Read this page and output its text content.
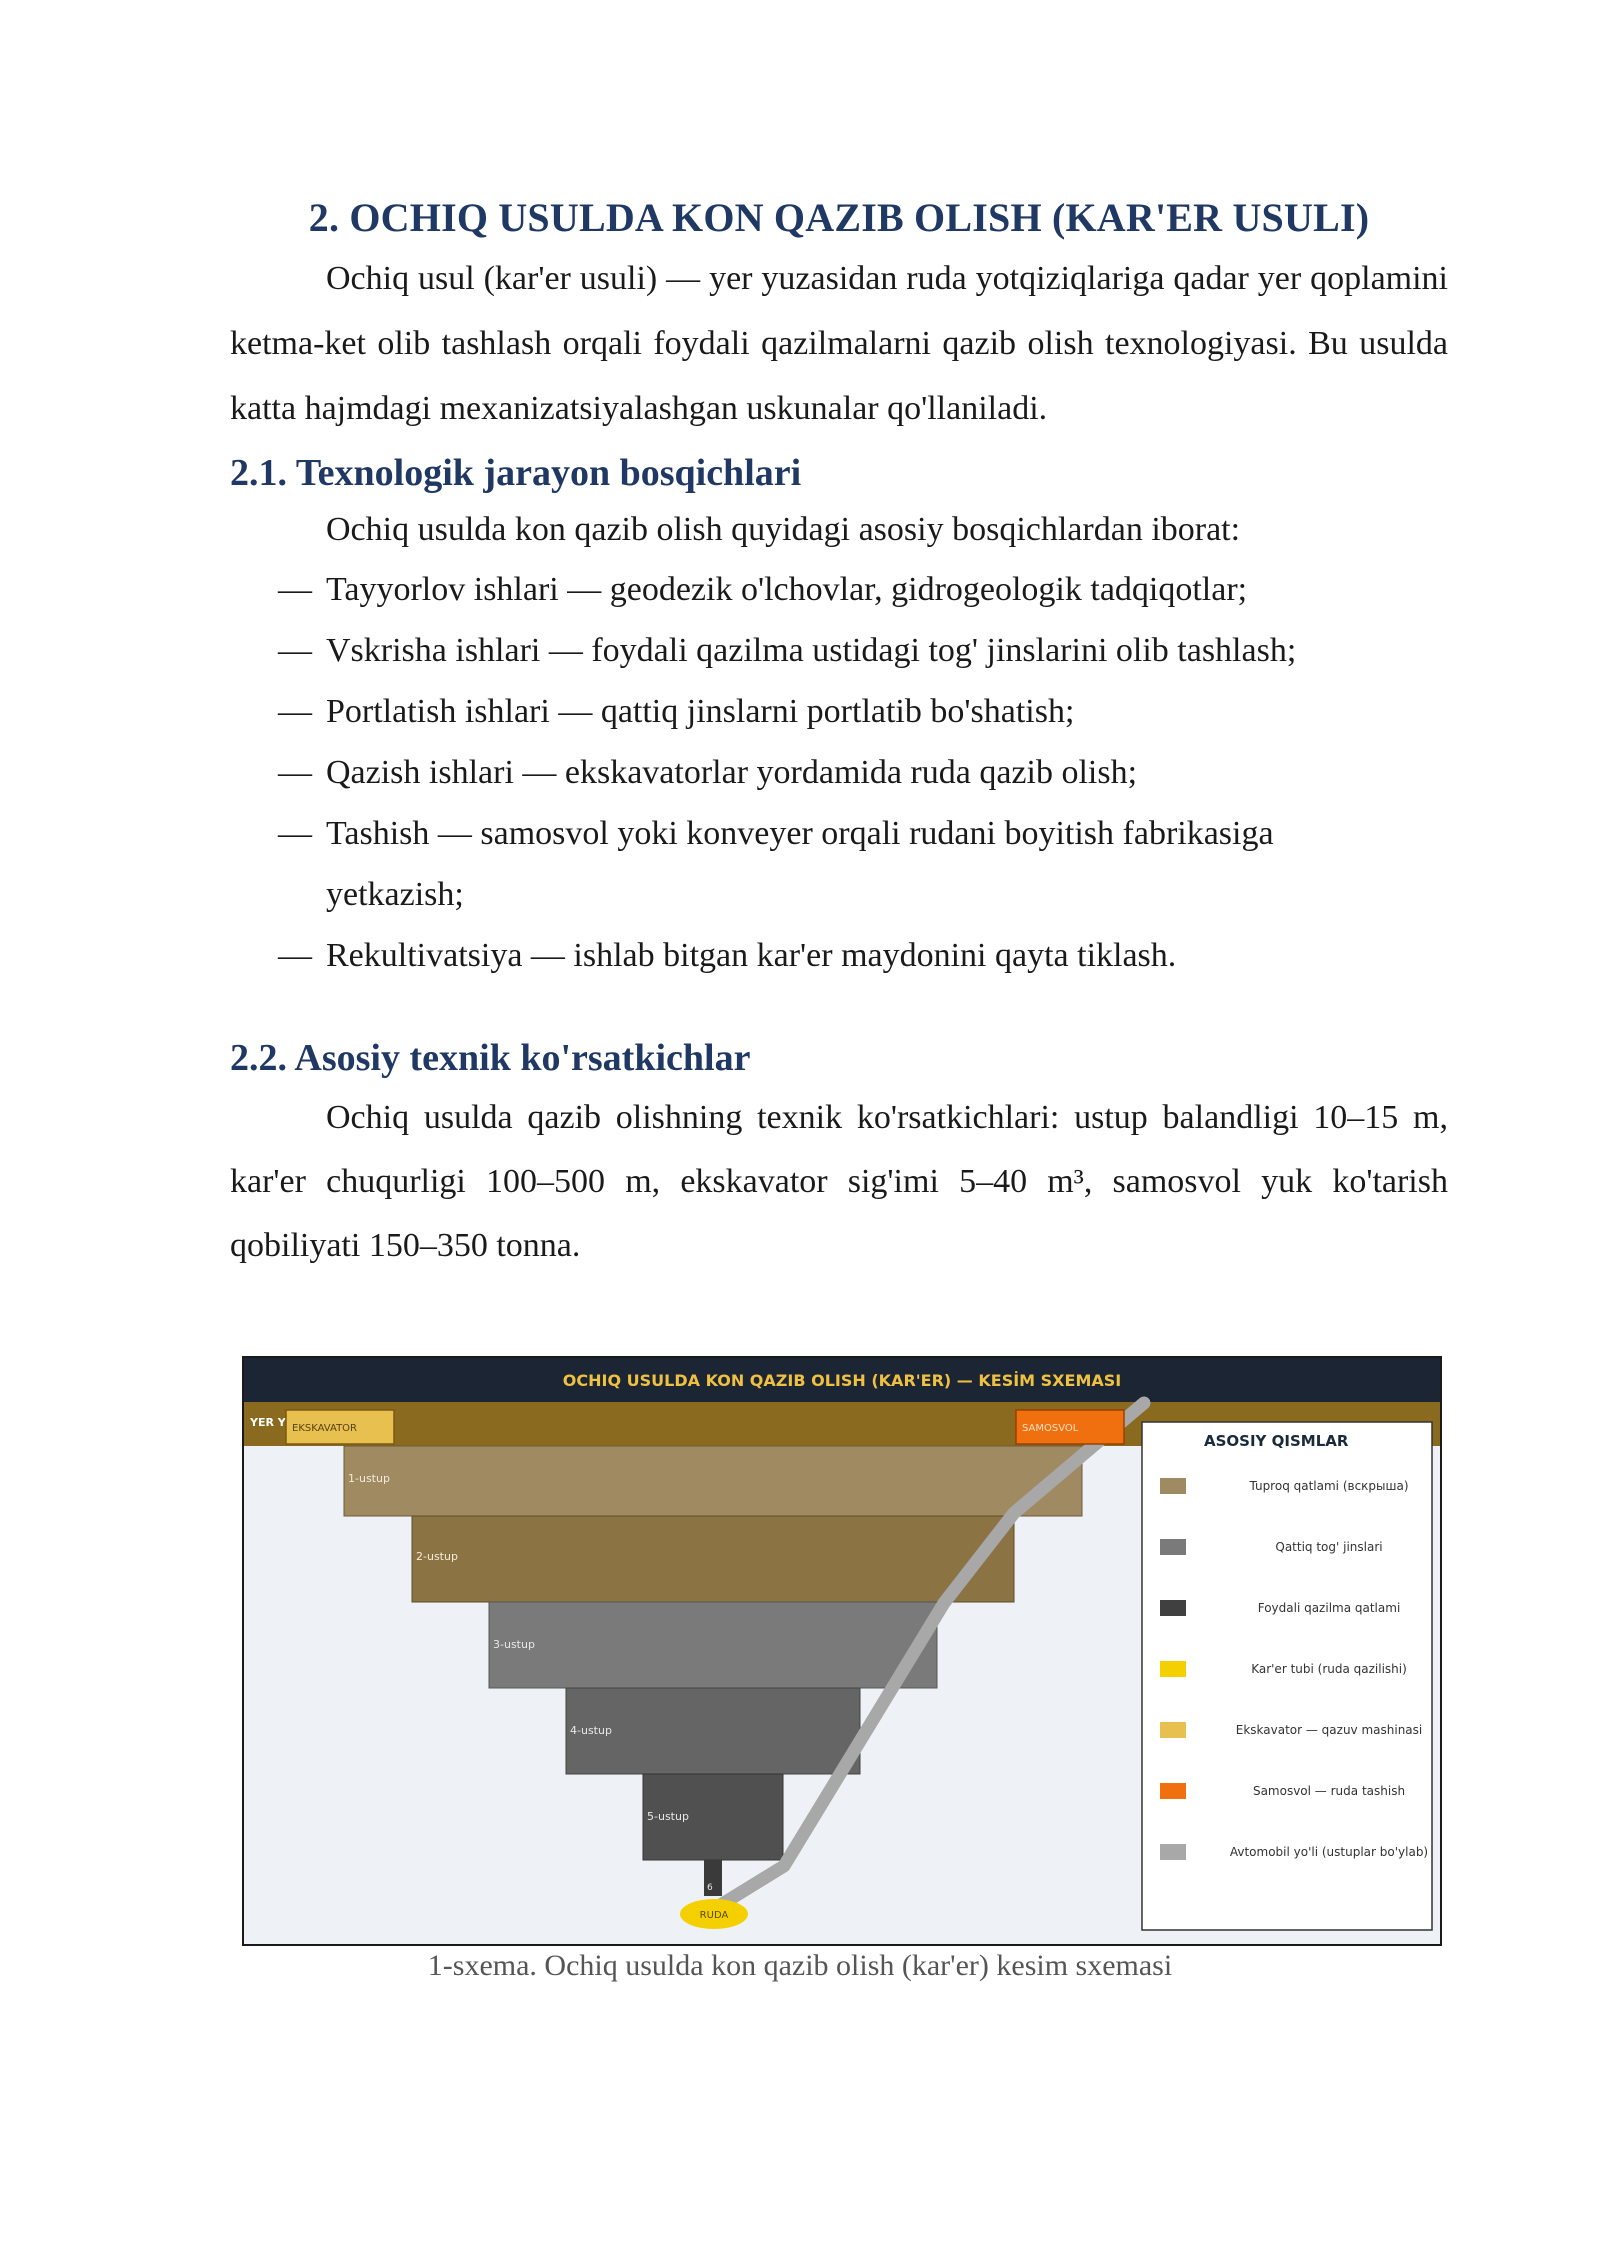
2. OCHIQ USULDA KON QAZIB OLISH (KAR'ER USULI)

Ochiq usul (kar'er usuli) — yer yuzasidan ruda yotqiziqlariga qadar yer qoplamini ketma-ket olib tashlash orqali foydali qazilmalarni qazib olish texnologiyasi. Bu usulda katta hajmdagi mexanizatsiyalashgan uskunalar qo'llaniladi.

2.1. Texnologik jarayon bosqichlari

Ochiq usulda kon qazib olish quyidagi asosiy bosqichlardan iborat:

— Tayyorlov ishlari — geodezik o'lchovlar, gidrogeologik tadqiqotlar;
— Vskrisha ishlari — foydali qazilma ustidagi tog' jinslarini olib tashlash;
— Portlatish ishlari — qattiq jinslarni portlatib bo'shatish;
— Qazish ishlari — ekskavatorlar yordamida ruda qazib olish;
— Tashish — samosvol yoki konveyer orqali rudani boyitish fabrikasiga yetkazish;
— Rekultivatsiya — ishlab bitgan kar'er maydonini qayta tiklash.
2.2. Asosiy texnik ko'rsatkichlar

Ochiq usulda qazib olishning texnik ko'rsatkichlari: ustup balandligi 10–15 m, kar'er chuqurligi 100–500 m, ekskavator sig'imi 5–40 m³, samosvol yuk ko'tarish qobiliyati 150–350 tonna.

OCHIQ USULDA KON QAZIB OLISH (KAR'ER) — KESİM SXEMASI
YER Y
1-ustup
2-ustup
3-ustup
4-ustup
5-ustup
6
RUDA
EKSKAVATOR	SAMOSVOL
ASOSIY QISMLAR
Tuproq qatlami (вскрыша)
Qattiq tog' jinslari
Foydali qazilma qatlami
Kar'er tubi (ruda qazilishi)
Ekskavator — qazuv mashinasi
Samosvol — ruda tashish
Avtomobil yo'li (ustuplar bo'ylab)
1-sxema. Ochiq usulda kon qazib olish (kar'er) kesim sxemasi
